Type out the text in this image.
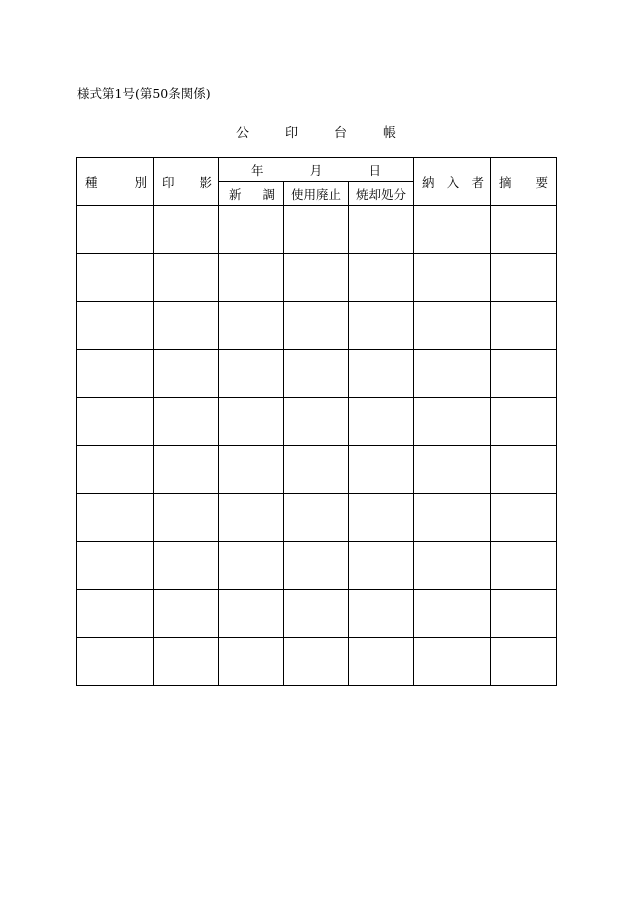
様式第1号(第50条関係)
公	印	台	帳
種 別	印 影	年 月 日			納 入 者	摘 要

		新 調	使用廃止	焼却処分		
